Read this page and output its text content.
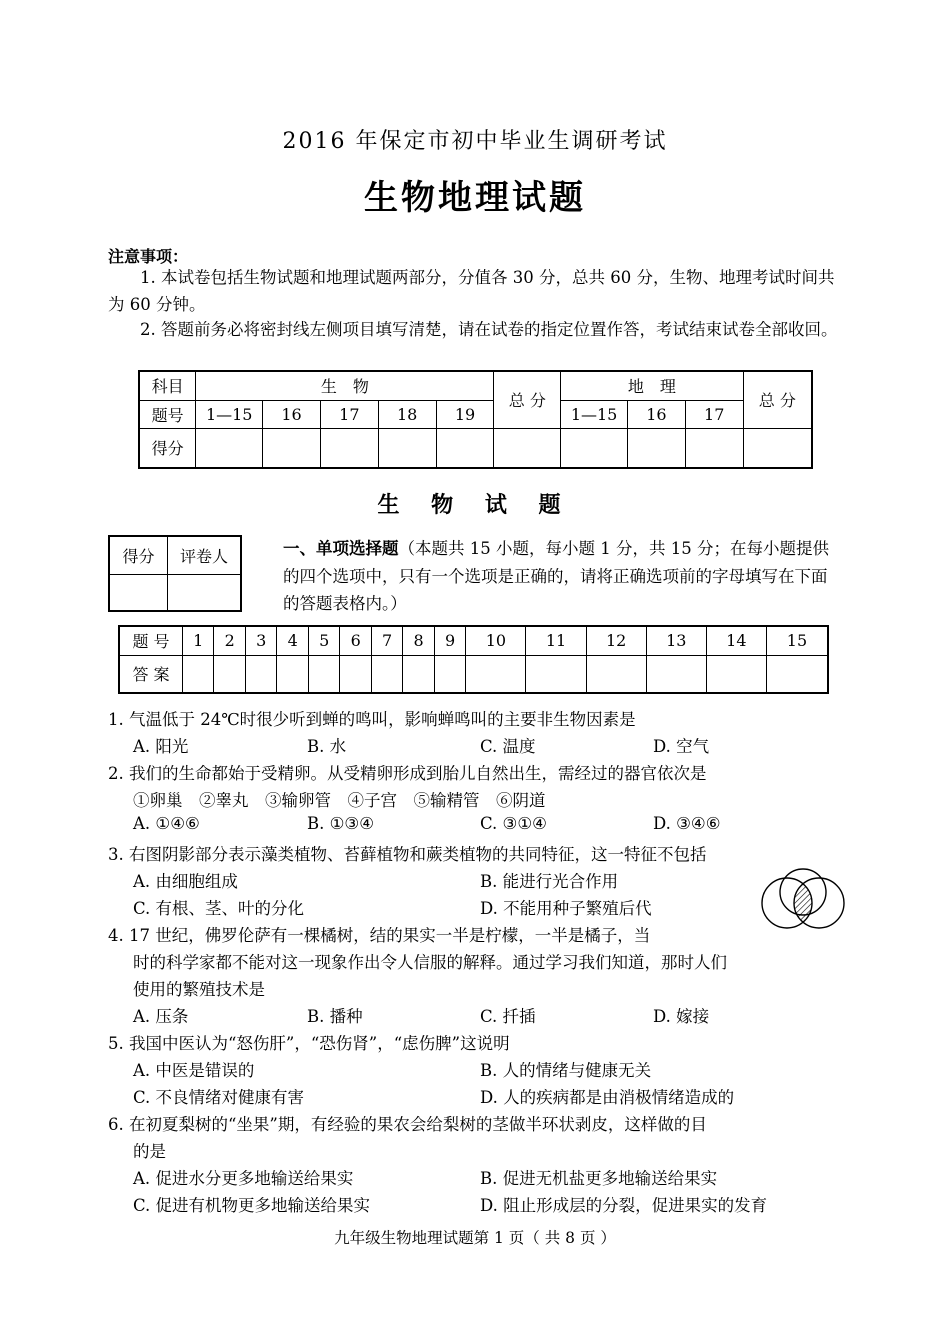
2016 年保定市初中毕业生调研考试
生物地理试题
注意事项：
1. 本试卷包括生物试题和地理试题两部分，分值各 30 分，总共 60 分，生物、地理考试时间共为 60 分钟。
2. 答题前务必将密封线左侧项目填写清楚，请在试卷的指定位置作答，考试结束试卷全部收回。
科目	生　物					总 分	地　理			总 分
题号	1—15	16	17	18	19		1—15	16	17	
得分										
生 物 试 题
得分	评卷人
		一、单项选择题（本题共 15 小题，每小题 1 分，共 15 分；在每小题提供的四个选项中，只有一个选项是正确的，请将正确选项前的字母填写在下面的答题表格内。）
题 号	1	2	3	4	5	6	7	8	9	10	11	12	13	14	15
答 案															
1. 气温低于 24℃时很少听到蝉的鸣叫，影响蝉鸣叫的主要非生物因素是
A. 阳光	B. 水	C. 温度	D. 空气
2. 我们的生命都始于受精卵。从受精卵形成到胎儿自然出生，需经过的器官依次是
①卵巢　②睾丸　③输卵管　④子宫　⑤输精管　⑥阴道
A. ①④⑥	B. ①③④	C. ③①④	D. ③④⑥
3. 右图阴影部分表示藻类植物、苔藓植物和蕨类植物的共同特征，这一特征不包括
A. 由细胞组成	B. 能进行光合作用
C. 有根、茎、叶的分化	D. 不能用种子繁殖后代
4. 17 世纪，佛罗伦萨有一棵橘树，结的果实一半是柠檬，一半是橘子，当
时的科学家都不能对这一现象作出令人信服的解释。通过学习我们知道，那时人们
使用的繁殖技术是
A. 压条	B. 播种	C. 扦插	D. 嫁接
5. 我国中医认为“怒伤肝”，“恐伤肾”，“虑伤脾”这说明
A. 中医是错误的	B. 人的情绪与健康无关
C. 不良情绪对健康有害	D. 人的疾病都是由消极情绪造成的
6. 在初夏梨树的“坐果”期，有经验的果农会给梨树的茎做半环状剥皮，这样做的目
的是
A. 促进水分更多地输送给果实	B. 促进无机盐更多地输送给果实
C. 促进有机物更多地输送给果实	D. 阻止形成层的分裂，促进果实的发育
九年级生物地理试题第 1 页（ 共 8 页 ）
